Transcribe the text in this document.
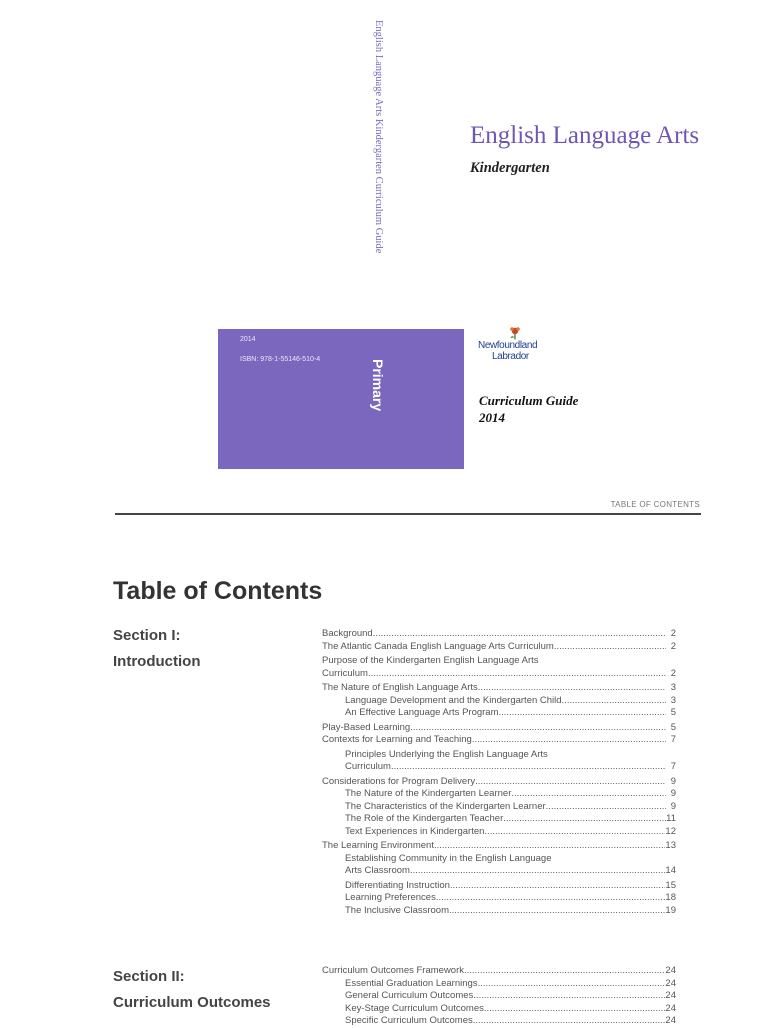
English Language Arts Kindergarten Curriculum Guide
2014
ISBN: 978-1-55146-510-4	Primary
English Language Arts
Kindergarten
Newfoundland
Labrador
Curriculum Guide
2014
TABLE OF CONTENTS
Table of Contents
Section I:
Introduction
Background .....	2
The Atlantic Canada English Language Arts Curriculum .....	2
Purpose of the Kindergarten English Language Arts
Curriculum .....	2
The Nature of English Language Arts .....	3
Language Development and the Kindergarten Child .....	3
An Effective Language Arts Program .....	5
Play-Based Learning .....	5
Contexts for Learning and Teaching .....	7
Principles Underlying the English Language Arts
Curriculum .....	7
Considerations for Program Delivery .....	9
The Nature of the Kindergarten Learner .....	9
The Characteristics of the Kindergarten Learner .....	9
The Role of the Kindergarten Teacher .....	11
Text Experiences in Kindergarten .....	12
The Learning Environment .....	13
Establishing Community in the English Language
Arts Classroom .....	14
Differentiating Instruction .....	15
Learning Preferences .....	18
The Inclusive Classroom .....	19
Section II:
Curriculum Outcomes
Curriculum Outcomes Framework .....	24
Essential Graduation Learnings .....	24
General Curriculum Outcomes .....	24
Key-Stage Curriculum Outcomes .....	24
Specific Curriculum Outcomes .....	24
